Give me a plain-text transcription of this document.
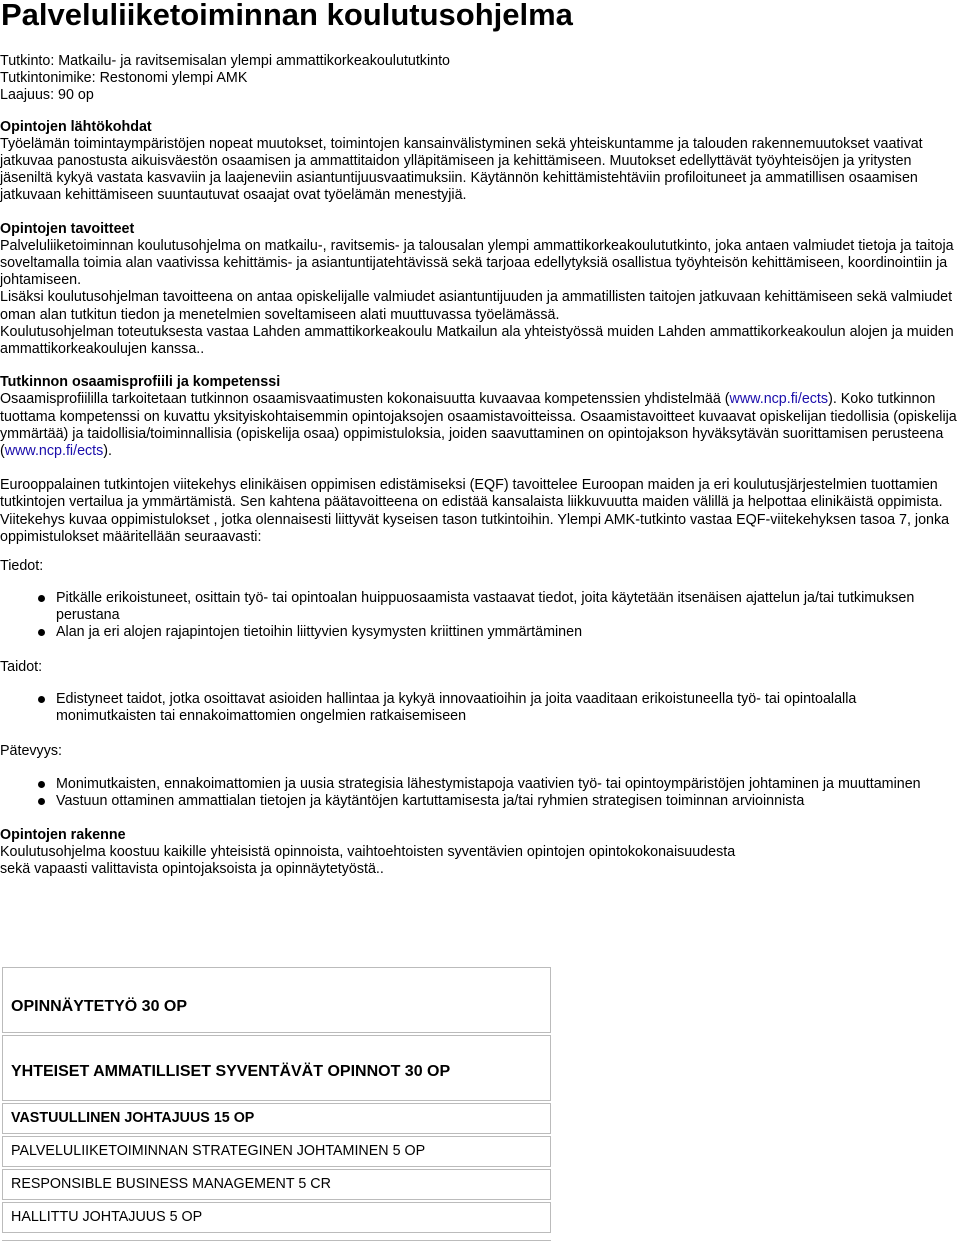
Palveluliiketoiminnan koulutusohjelma
Tutkinto: Matkailu- ja ravitsemisalan ylempi ammattikorkeakoulututkinto
Tutkintonimike: Restonomi ylempi AMK
Laajuus: 90 op
Opintojen lähtökohdat

Työelämän toimintaympäristöjen nopeat muutokset, toimintojen kansainvälistyminen sekä yhteiskuntamme ja talouden rakennemuutokset vaativat jatkuvaa panostusta aikuisväestön osaamisen ja ammattitaidon ylläpitämiseen ja kehittämiseen. Muutokset edellyttävät työyhteisöjen ja yritysten jäseniltä kykyä vastata kasvaviin ja laajeneviin asiantuntijuusvaatimuksiin. Käytännön kehittämistehtäviin profiloituneet ja ammatillisen osaamisen jatkuvaan kehittämiseen suuntautuvat osaajat ovat työelämän menestyjiä.

Opintojen tavoitteet

Palveluliiketoiminnan koulutusohjelma on matkailu-, ravitsemis- ja talousalan ylempi ammattikorkeakoulututkinto, joka antaen valmiudet tietoja ja taitoja soveltamalla toimia alan vaativissa kehittämis- ja asiantuntijatehtävissä sekä tarjoaa edellytyksiä osallistua työyhteisön kehittämiseen, koordinointiin ja johtamiseen.

Lisäksi koulutusohjelman tavoitteena on antaa opiskelijalle valmiudet asiantuntijuuden ja ammatillisten taitojen jatkuvaan kehittämiseen sekä valmiudet oman alan tutkitun tiedon ja menetelmien soveltamiseen alati muuttuvassa työelämässä.

Koulutusohjelman toteutuksesta vastaa Lahden ammattikorkeakoulu Matkailun ala yhteistyössä muiden Lahden ammattikorkeakoulun alojen ja muiden ammattikorkeakoulujen kanssa..

Tutkinnon osaamisprofiili ja kompetenssi

Osaamisprofiililla tarkoitetaan tutkinnon osaamisvaatimusten kokonaisuutta kuvaavaa kompetenssien yhdistelmää (www.ncp.fi/ects). Koko tutkinnon tuottama kompetenssi on kuvattu yksityiskohtaisemmin opintojaksojen osaamistavoitteissa. Osaamistavoitteet kuvaavat opiskelijan tiedollisia (opiskelija ymmärtää) ja taidollisia/toiminnallisia (opiskelija osaa) oppimistuloksia, joiden saavuttaminen on opintojakson hyväksytävän suorittamisen perusteena (www.ncp.fi/ects).

Eurooppalainen tutkintojen viitekehys elinikäisen oppimisen edistämiseksi (EQF) tavoittelee Euroopan maiden ja eri koulutusjärjestelmien tuottamien tutkintojen vertailua ja ymmärtämistä. Sen kahtena päätavoitteena on edistää kansalaista liikkuvuutta maiden välillä ja helpottaa elinikäistä oppimista. Viitekehys kuvaa oppimistulokset , jotka olennaisesti liittyvät kyseisen tason tutkintoihin. Ylempi AMK-tutkinto vastaa EQF-viitekehyksen tasoa 7, jonka oppimistulokset määritellään seuraavasti:

Tiedot:
Pitkälle erikoistuneet, osittain työ- tai opintoalan huippuosaamista vastaavat tiedot, joita käytetään itsenäisen ajattelun ja/tai tutkimuksen perustana
Alan ja eri alojen rajapintojen tietoihin liittyvien kysymysten kriittinen ymmärtäminen
Taidot:
Edistyneet taidot, jotka osoittavat asioiden hallintaa ja kykyä innovaatioihin ja joita vaaditaan erikoistuneella työ- tai opintoalalla monimutkaisten tai ennakoimattomien ongelmien ratkaisemiseen
Pätevyys:
Monimutkaisten, ennakoimattomien ja uusia strategisia lähestymistapoja vaativien työ- tai opintoympäristöjen johtaminen ja muuttaminen
Vastuun ottaminen ammattialan tietojen ja käytäntöjen kartuttamisesta ja/tai ryhmien strategisen toiminnan arvioinnista
Opintojen rakenne
Koulutusohjelma koostuu kaikille yhteisistä opinnoista, vaihtoehtoisten syventävien opintojen opintokokonaisuudesta
sekä vapaasti valittavista opintojaksoista ja opinnäytetyöstä..
OPINNÄYTETYÖ 30 OP
YHTEISET AMMATILLISET SYVENTÄVÄT OPINNOT 30 OP
VASTUULLINEN JOHTAJUUS 15 OP
PALVELULIIKETOIMINNAN STRATEGINEN JOHTAMINEN 5 OP
RESPONSIBLE BUSINESS MANAGEMENT 5 CR
HALLITTU JOHTAJUUS 5 OP
